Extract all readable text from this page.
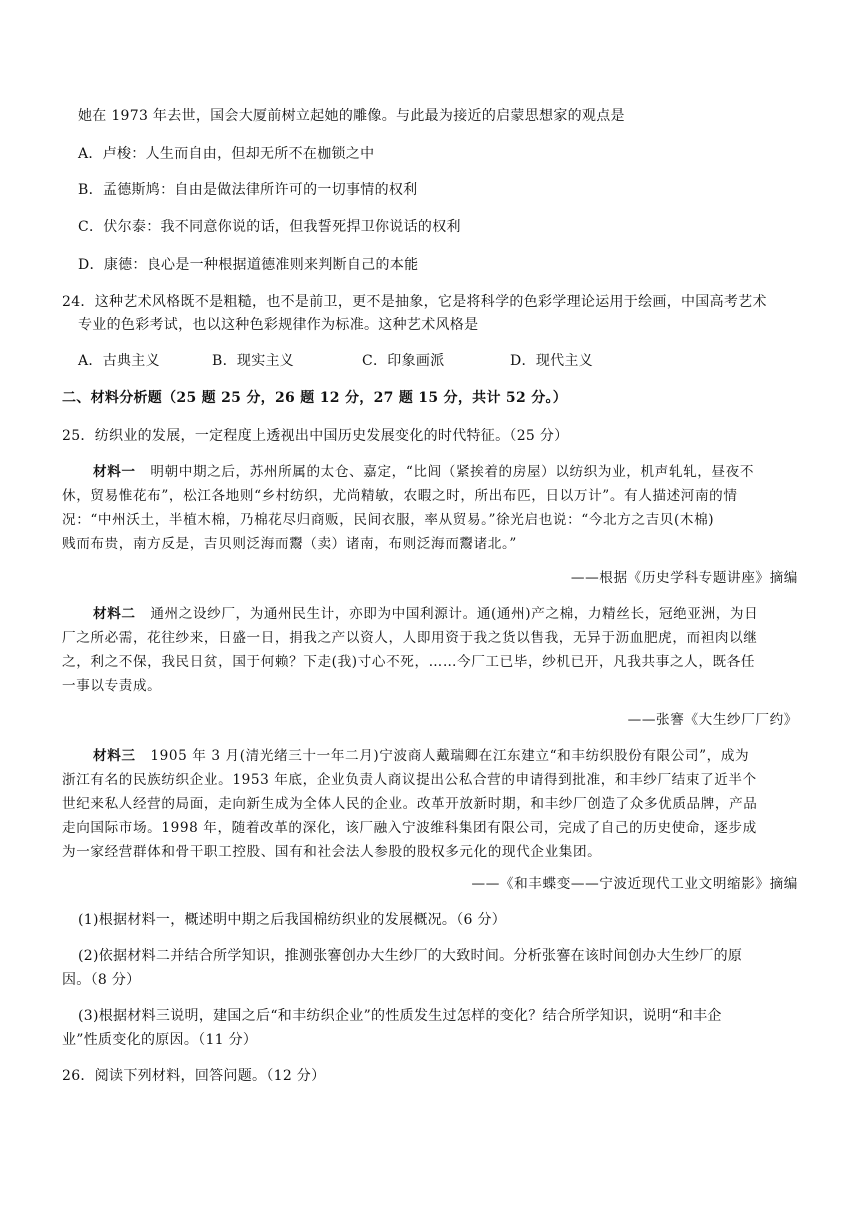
她在 1973 年去世，国会大厦前树立起她的雕像。与此最为接近的启蒙思想家的观点是
A．卢梭：人生而自由，但却无所不在枷锁之中
B．孟德斯鸠：自由是做法律所许可的一切事情的权利
C．伏尔泰：我不同意你说的话，但我誓死捍卫你说话的权利
D．康德：良心是一种根据道德准则来判断自己的本能
24．这种艺术风格既不是粗糙，也不是前卫，更不是抽象，它是将科学的色彩学理论运用于绘画，中国高考艺术
专业的色彩考试，也以这种色彩规律作为标准。这种艺术风格是
A．古典主义	B．现实主义	C．印象画派	D．现代主义
二、材料分析题（25 题 25 分，26 题 12 分，27 题 15 分，共计 52 分。）
25．纺织业的发展，一定程度上透视出中国历史发展变化的时代特征。（25 分）
材料一 明朝中期之后，苏州所属的太仓、嘉定，“比闾（紧挨着的房屋）以纺织为业，机声轧轧，昼夜不
休，贸易惟花布”，松江各地则“乡村纺织，尤尚精敏，农暇之时，所出布匹，日以万计”。有人描述河南的情
况：“中州沃土，半植木棉，乃棉花尽归商贩，民间衣服，率从贸易。”徐光启也说：“今北方之吉贝(木棉)
贱而布贵，南方反是，吉贝则泛海而鬻（卖）诸南，布则泛海而鬻诸北。”
——根据《历史学科专题讲座》摘编
材料二 通州之设纱厂，为通州民生计，亦即为中国利源计。通(通州)产之棉，力精丝长，冠绝亚洲，为日
厂之所必需，花往纱来，日盛一日，捐我之产以资人，人即用资于我之货以售我，无异于沥血肥虎，而袒肉以继
之，利之不保，我民日贫，国于何赖？下走(我)寸心不死，……今厂工已毕，纱机已开，凡我共事之人，既各任
一事以专责成。
——张謇《大生纱厂厂约》
材料三 1905 年 3 月(清光绪三十一年二月)宁波商人戴瑞卿在江东建立“和丰纺织股份有限公司”，成为
浙江有名的民族纺织企业。1953 年底，企业负责人商议提出公私合营的申请得到批准，和丰纱厂结束了近半个
世纪来私人经营的局面，走向新生成为全体人民的企业。改革开放新时期，和丰纱厂创造了众多优质品牌，产品
走向国际市场。1998 年，随着改革的深化，该厂融入宁波维科集团有限公司，完成了自己的历史使命，逐步成
为一家经营群体和骨干职工控股、国有和社会法人参股的股权多元化的现代企业集团。
——《和丰蝶变——宁波近现代工业文明缩影》摘编
(1)根据材料一，概述明中期之后我国棉纺织业的发展概况。（6 分）
(2)依据材料二并结合所学知识，推测张謇创办大生纱厂的大致时间。分析张謇在该时间创办大生纱厂的原
因。（8 分）
(3)根据材料三说明，建国之后“和丰纺织企业”的性质发生过怎样的变化？结合所学知识，说明“和丰企
业”性质变化的原因。（11 分）
26．阅读下列材料，回答问题。（12 分）
